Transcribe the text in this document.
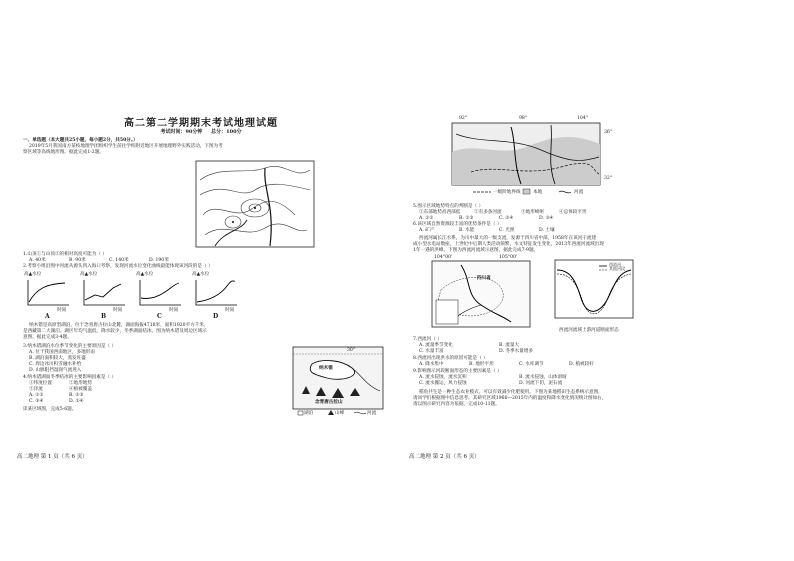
高二第二学期期末考试地理试题
考试时间：90分钟 总分：100分
一、单选题（本大题共25小题，每小题2分，共50分。）
2019年5月我国南方某校地理学团组织学生前往学校附近地区开展地理野外实践活动，下图为考
察区域等高线地形图。据此完成1-2题。
1.山顶①与山顶②的相对高度可能为（ ）
A. 40米	B. 90米	C. 140米	D. 190米
2.考察小组沿图中河流从源头到入海口考察，发现河流水位变化曲线最能体现该河段的是（ ）
高▲水位	高▲水位	高▲水位	高▲水位
时间	时间	时间	时间
A	B	C	D
纳木错是高原型湖泊，位于念青唐古拉山北麓，湖面海拔4718米，面积1920平方千米，
是西藏第二大湖泊。湖区年均气温低，降水较少，冬季湖面结冰。图为纳木错及周边区域示
意图。据此完成3-4题。
3.纳木错湖泊水位季节变化的主要原因是（ ）
A. 位于我国西南地区，多地形雨
B. 湖泊面积较大，蒸发旺盛
C. 周边冰川积雪融水补给
D. 山脉阻挡湿润气流进入
4.纳木错湖面冬季结冰的主要影响因素是（ ）
①纬度位置	②地形地势
③洋流	④植被覆盖
A. ①②	B. ②③
C. ③④	D. ①④
读某区域图，完成5-6题。
30°
纳木错
念青唐古拉山
湖泊	山峰	河流
高二地理 第 1 页（共 6 页）
92°	98°	104°
36°
32°
一级阶地界线	本地	河流
5.图示区域地势特点的判断是（ ）
①东部地势高西部低	②有多条河流	③地形崎岖	④总体较平坦
A. ①②	B. ①③	C. ②④	D. ③④
6.该区域自然资源较丰富的优势条件是（ ）
A. 矿产	B. 水能	C. 光照	D. 土壤
西流河属长江水系，为川中最大的一级支流，发源于四川省中部，1958年在该河干流建
成小型水电站数座，上世纪中后期人类活动频繁，水文特征发生变化，2013年西流河流域出现
1年一遇的洪峰。下图为西流河流域示意图，据此完成7-9题。
104°00'	105°00'
四川省
西流河
其他河段
西流河流域上游河道断面形态
7.西流河（ ）
A. 流量季节变化	B. 流量大
C. 水量丰富	D. 冬季水量增多
8.西流河出现洪水的原因可能是（ ）
A. 降水集中	B. 地形平坦	C. 水库调节	D. 植被较好
9.影响图示河段断面形态的主要因素是（ ）
A. 流水侵蚀，流水沉积	B. 流水侵蚀，山体滑坡
C. 流水搬运，风力侵蚀	D. 河流下切，泥石流
稻鱼共生是一种生态农业模式，可以有效减少化肥使用。下图为某地稻田生态系统示意图，
请同学们根据图中信息思考。其研究区域1966—2015年内的温度和降水变化情况统计图如右，
请以图示研究内容为依据，完成10-11题。
高二地理 第 2 页（共 6 页）
